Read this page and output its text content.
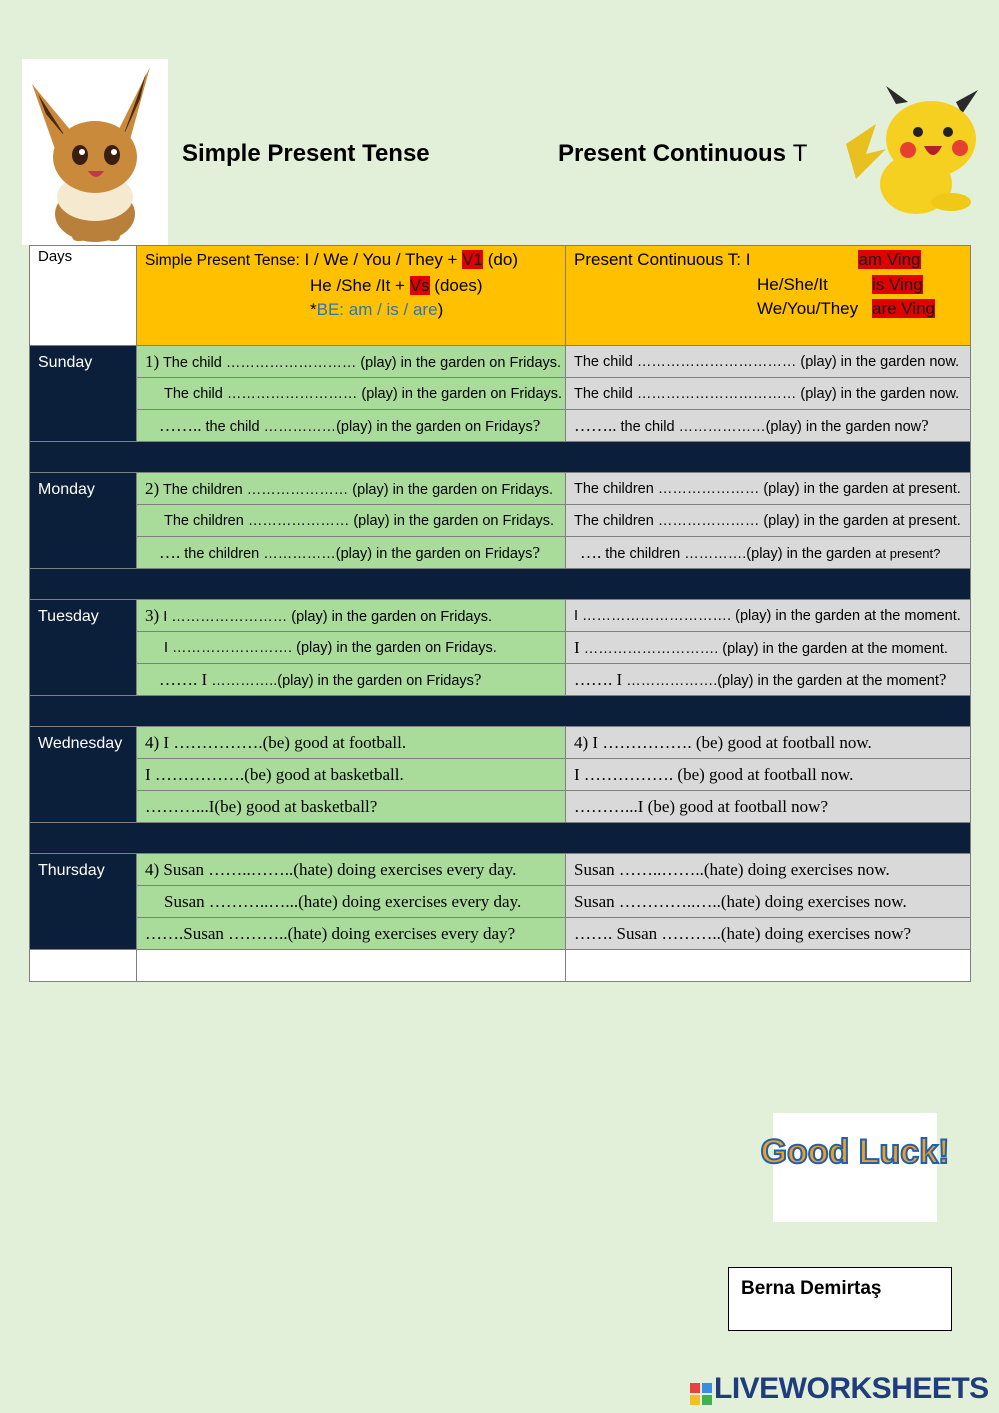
Simple Present Tense	Present Continuous T
Days	Simple Present Tense: I / We / You / They + V1 (do)
He /She /It + Vs (does)
*BE: am / is / are)	Present Continuous T: I am Ving
He/She/It is Ving
We/You/They are Ving
Sunday	1) The child ……………………… (play) in the garden on Fridays.	The child …………………………… (play) in the garden now.
	The child ……………………… (play) in the garden on Fridays.	The child …………………………… (play) in the garden now.
	…….. the child ……………(play) in the garden on Fridays?	…….. the child ………………(play) in the garden now?

Monday	2) The children ………………… (play) in the garden on Fridays.	The children ………………… (play) in the garden at present.
	The children ………………… (play) in the garden on Fridays.	The children ………………… (play) in the garden at present.
	…. the children ……………(play) in the garden on Fridays?	…. the children ………….(play) in the garden at present?

Tuesday	3) I …………………… (play) in the garden on Fridays.	I …………………………. (play) in the garden at the moment.
	I ……………………. (play) in the garden on Fridays.	I ………………………. (play) in the garden at the moment.
	……. I …………..(play) in the garden on Fridays?	……. I ……………….(play) in the garden at the moment?

Wednesday	4) I …………….(be) good at football.	4) I ……………. (be) good at football now.
	I …………….(be) good at basketball.	I ……………. (be) good at football now.
	………...I(be) good at basketball?	………...I (be) good at football now?

Thursday	4) Susan ……..……..(hate) doing exercises every day.	Susan ……..……..(hate) doing exercises now.
	Susan ………..…...(hate) doing exercises every day.	Susan …………..…..(hate) doing exercises now.
	…….Susan ………..(hate) doing exercises every day?	……. Susan ………..(hate) doing exercises now?

Good Luck!
Berna Demirtaş
LIVEWORKSHEETS
